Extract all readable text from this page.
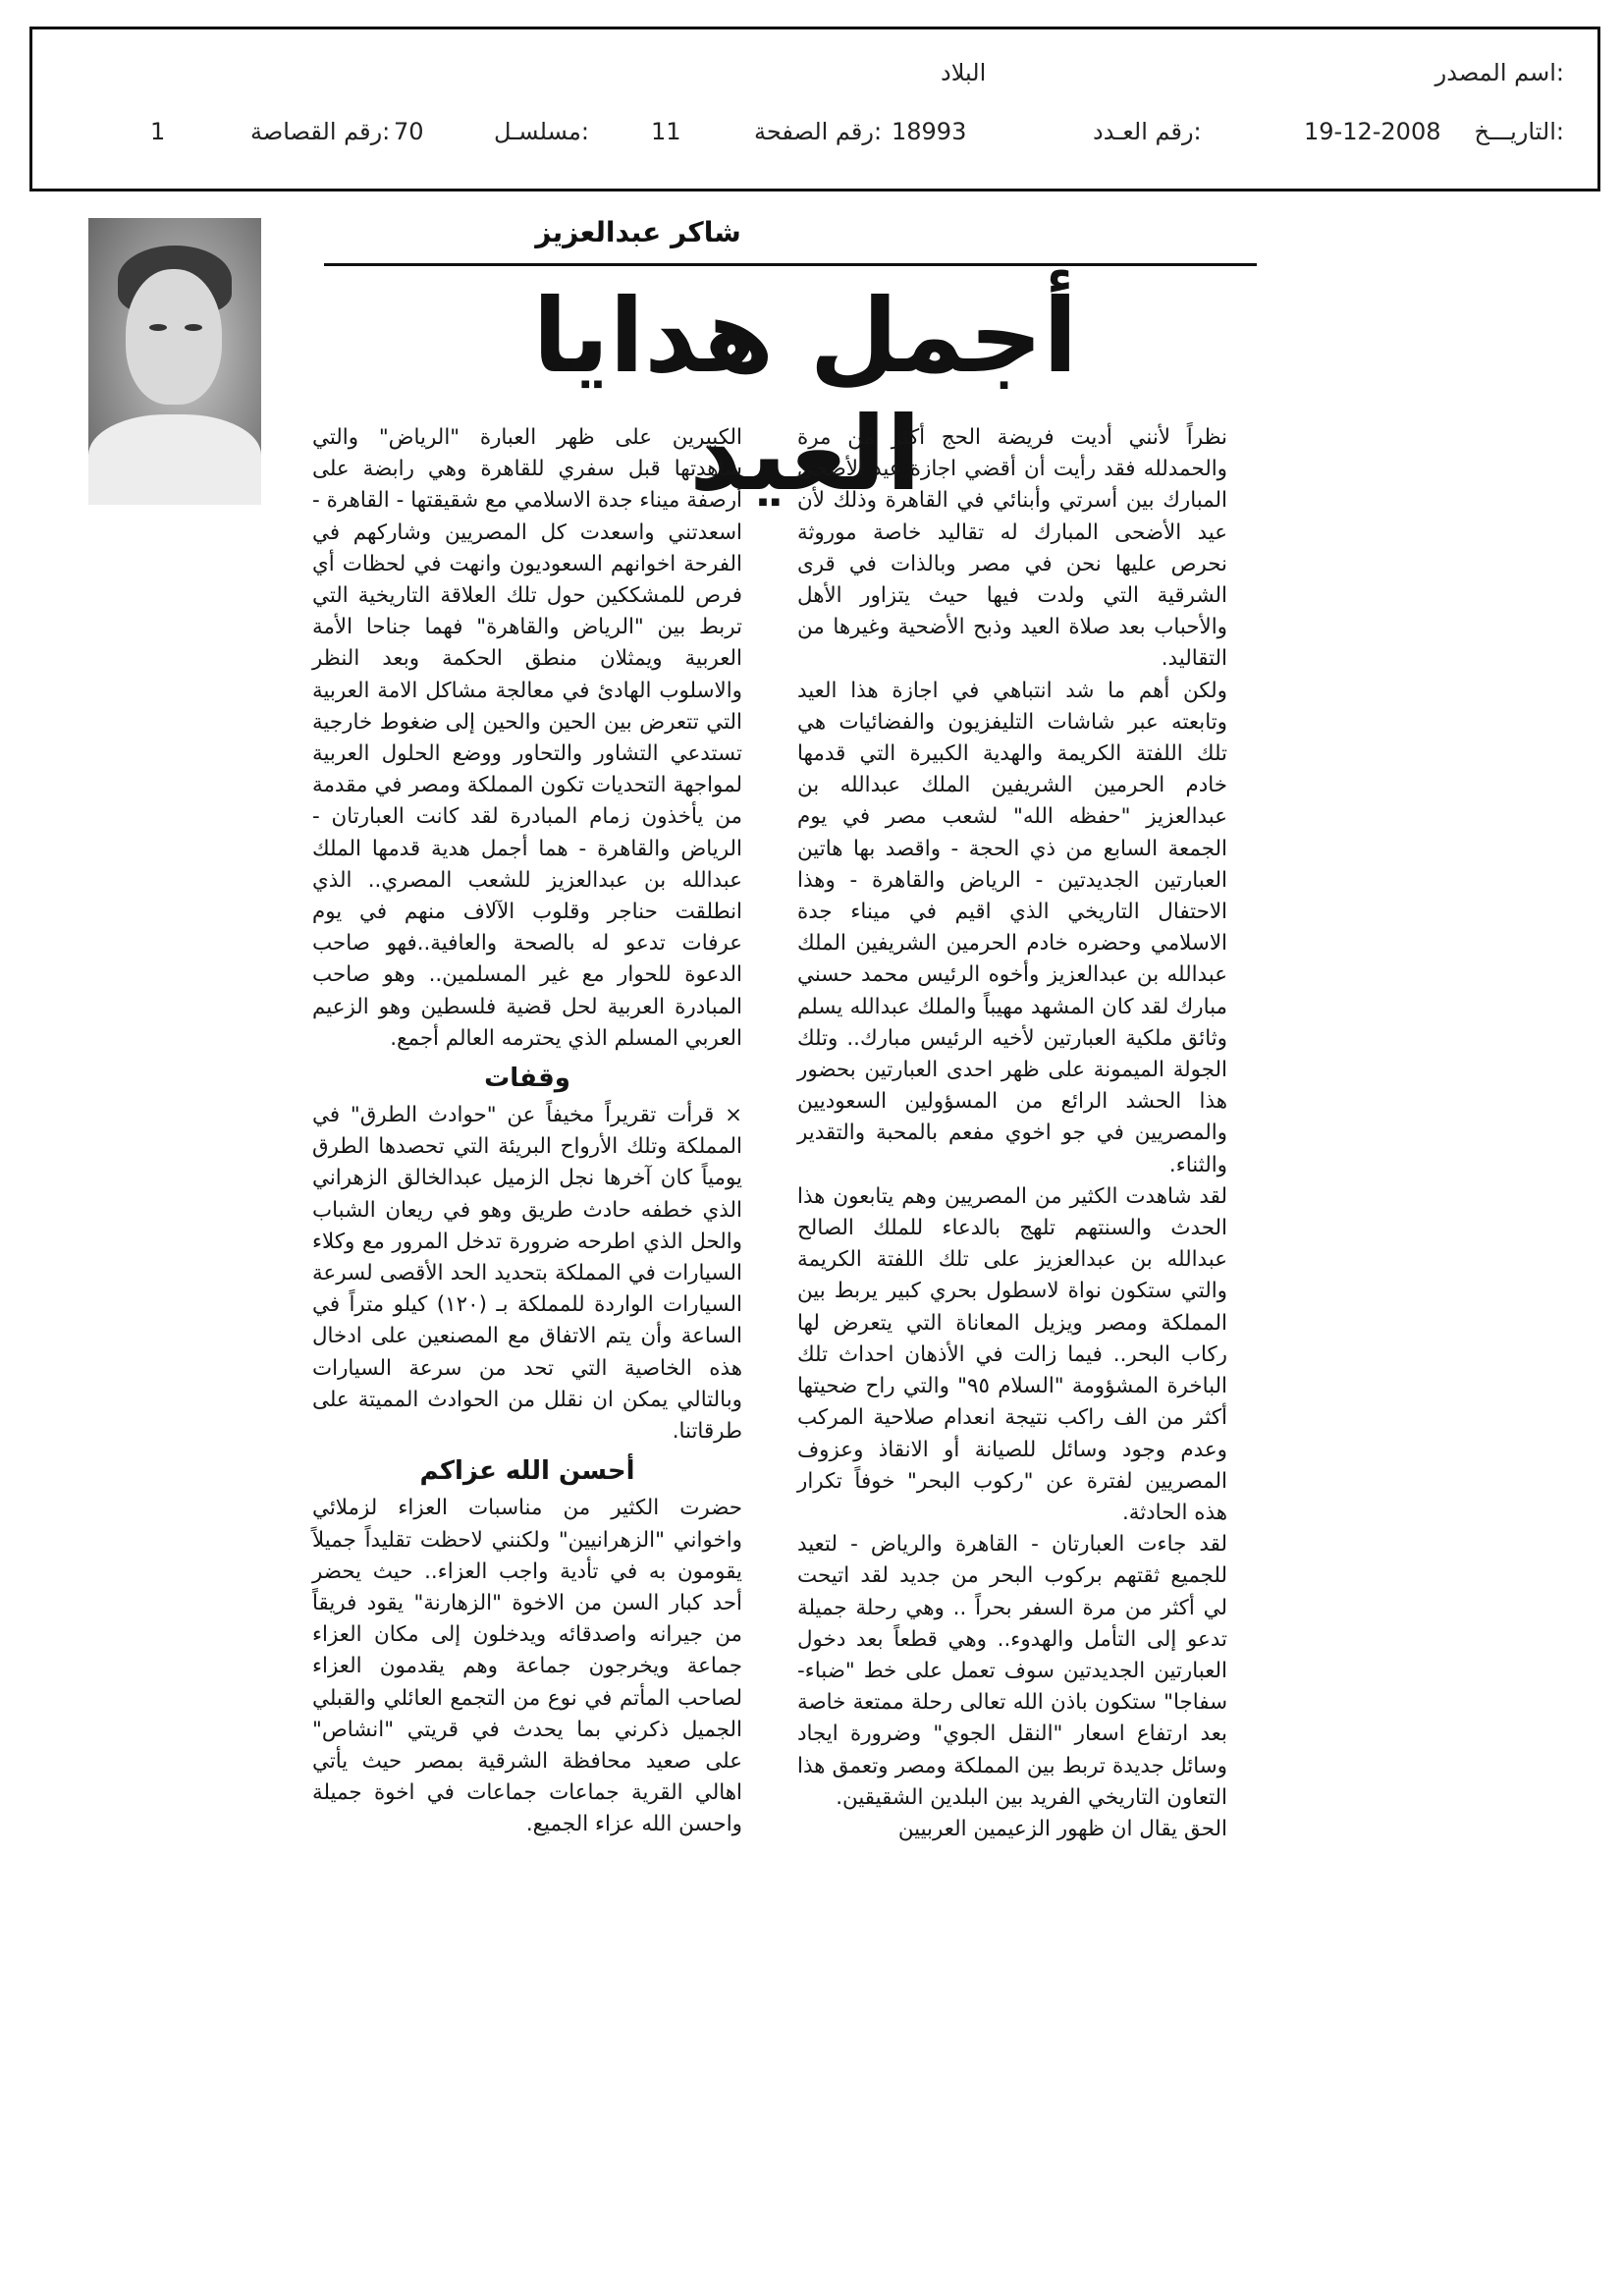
اسم المصدر:
البلاد
التاريـــخ:
19-12-2008
رقم العـدد:
18993
رقم الصفحة:
11
مسلسـل:
70
رقم القصاصة:
1
شاكر عبدالعزيز
أجمل هدايا العيد

نظراً لأنني أديت فريضة الحج أكثر من مرة والحمدلله فقد رأيت أن أقضي اجازة عيد الأضحى المبارك بين أسرتي وأبنائي في القاهرة وذلك لأن عيد الأضحى المبارك له تقاليد خاصة موروثة نحرص عليها نحن في مصر وبالذات في قرى الشرقية التي ولدت فيها حيث يتزاور الأهل والأحباب بعد صلاة العيد وذبح الأضحية وغيرها من التقاليد.

ولكن أهم ما شد انتباهي في اجازة هذا العيد وتابعته عبر شاشات التليفزيون والفضائيات هي تلك اللفتة الكريمة والهدية الكبيرة التي قدمها خادم الحرمين الشريفين الملك عبدالله بن عبدالعزيز "حفظه الله" لشعب مصر في يوم الجمعة السابع من ذي الحجة - واقصد بها هاتين العبارتين الجديدتين - الرياض والقاهرة - وهذا الاحتفال التاريخي الذي اقيم في ميناء جدة الاسلامي وحضره خادم الحرمين الشريفين الملك عبدالله بن عبدالعزيز وأخوه الرئيس محمد حسني مبارك لقد كان المشهد مهيباً والملك عبدالله يسلم وثائق ملكية العبارتين لأخيه الرئيس مبارك.. وتلك الجولة الميمونة على ظهر احدى العبارتين بحضور هذا الحشد الرائع من المسؤولين السعوديين والمصريين في جو اخوي مفعم بالمحبة والتقدير والثناء.

لقد شاهدت الكثير من المصريين وهم يتابعون هذا الحدث والسنتهم تلهج بالدعاء للملك الصالح عبدالله بن عبدالعزيز على تلك اللفتة الكريمة والتي ستكون نواة لاسطول بحري كبير يربط بين المملكة ومصر ويزيل المعاناة التي يتعرض لها ركاب البحر.. فيما زالت في الأذهان احداث تلك الباخرة المشؤومة "السلام ٩٥" والتي راح ضحيتها أكثر من الف راكب نتيجة انعدام صلاحية المركب وعدم وجود وسائل للصيانة أو الانقاذ وعزوف المصريين لفترة عن "ركوب البحر" خوفاً تكرار هذه الحادثة.

لقد جاءت العبارتان - القاهرة والرياض - لتعيد للجميع ثقتهم بركوب البحر من جديد لقد اتيحت لي أكثر من مرة السفر بحراً .. وهي رحلة جميلة تدعو إلى التأمل والهدوء.. وهي قطعاً بعد دخول العبارتين الجديدتين سوف تعمل على خط "ضباء- سفاجا" ستكون باذن الله تعالى رحلة ممتعة خاصة بعد ارتفاع اسعار "النقل الجوي" وضرورة ايجاد وسائل جديدة تربط بين المملكة ومصر وتعمق هذا التعاون التاريخي الفريد بين البلدين الشقيقين.

الحق يقال ان ظهور الزعيمين العربيين

الكبيرين على ظهر العبارة "الرياض" والتي شاهدتها قبل سفري للقاهرة وهي رابضة على أرصفة ميناء جدة الاسلامي مع شقيقتها - القاهرة - اسعدتني واسعدت كل المصريين وشاركهم في الفرحة اخوانهم السعوديون وانهت في لحظات أي فرص للمشككين حول تلك العلاقة التاريخية التي تربط بين "الرياض والقاهرة" فهما جناحا الأمة العربية ويمثلان منطق الحكمة وبعد النظر والاسلوب الهادئ في معالجة مشاكل الامة العربية التي تتعرض بين الحين والحين إلى ضغوط خارجية تستدعي التشاور والتحاور ووضع الحلول العربية لمواجهة التحديات تكون المملكة ومصر في مقدمة من يأخذون زمام المبادرة لقد كانت العبارتان - الرياض والقاهرة - هما أجمل هدية قدمها الملك عبدالله بن عبدالعزيز للشعب المصري.. الذي انطلقت حناجر وقلوب الآلاف منهم في يوم عرفات تدعو له بالصحة والعافية..فهو صاحب الدعوة للحوار مع غير المسلمين.. وهو صاحب المبادرة العربية لحل قضية فلسطين وهو الزعيم العربي المسلم الذي يحترمه العالم أجمع.

وقفات

× قرأت تقريراً مخيفاً عن "حوادث الطرق" في المملكة وتلك الأرواح البريئة التي تحصدها الطرق يومياً كان آخرها نجل الزميل عبدالخالق الزهراني الذي خطفه حادث طريق وهو في ريعان الشباب والحل الذي اطرحه ضرورة تدخل المرور مع وكلاء السيارات في المملكة بتحديد الحد الأقصى لسرعة السيارات الواردة للمملكة بـ (١٢٠) كيلو متراً في الساعة وأن يتم الاتفاق مع المصنعين على ادخال هذه الخاصية التي تحد من سرعة السيارات وبالتالي يمكن ان نقلل من الحوادث المميتة على طرقاتنا.

أحسن الله عزاكم

حضرت الكثير من مناسبات العزاء لزملائي واخواني "الزهرانيين" ولكنني لاحظت تقليداً جميلاً يقومون به في تأدية واجب العزاء.. حيث يحضر أحد كبار السن من الاخوة "الزهارنة" يقود فريقاً من جيرانه واصدقائه ويدخلون إلى مكان العزاء جماعة ويخرجون جماعة وهم يقدمون العزاء لصاحب المأتم في نوع من التجمع العائلي والقبلي الجميل ذكرني بما يحدث في قريتي "انشاص" على صعيد محافظة الشرقية بمصر حيث يأتي اهالي القرية جماعات جماعات في اخوة جميلة واحسن الله عزاء الجميع.
